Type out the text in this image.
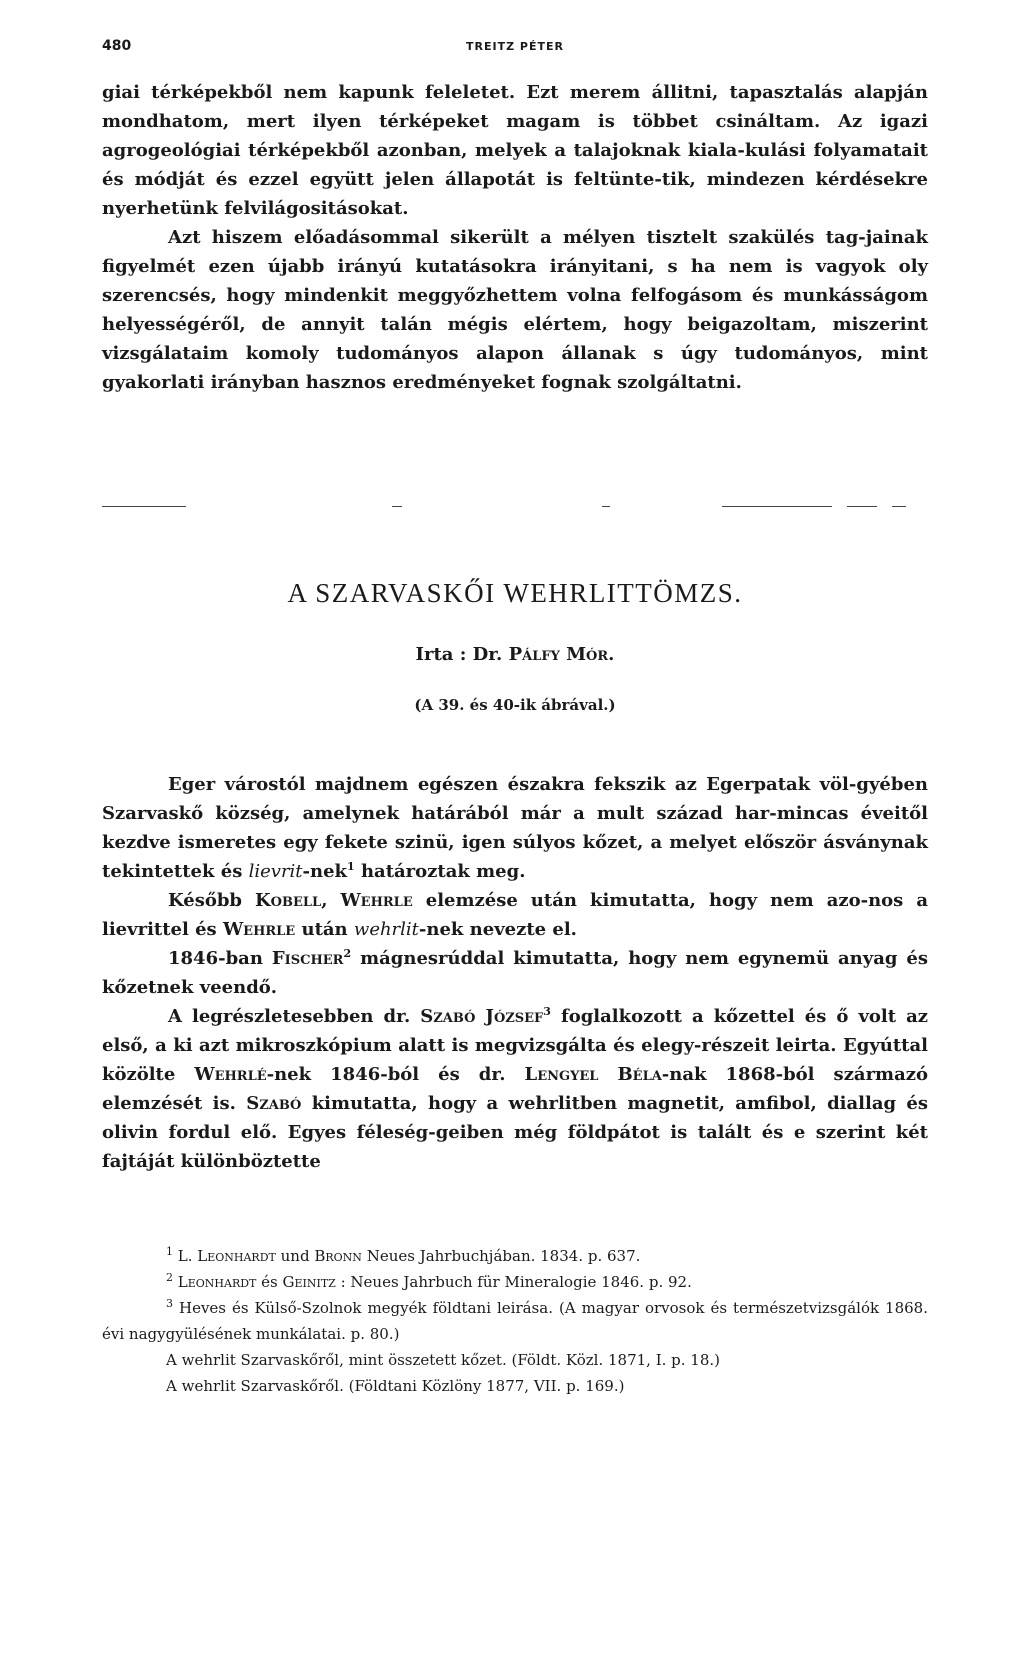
480	TREITZ PÉTER

giai térképekből nem kapunk feleletet. Ezt merem állitni, tapasztalás alapján mondhatom, mert ilyen térképeket magam is többet csináltam. Az igazi agrogeológiai térképekből azonban, melyek a talajoknak kiala-kulási folyamatait és módját és ezzel együtt jelen állapotát is feltünte-tik, mindezen kérdésekre nyerhetünk felvilágositásokat.

Azt hiszem előadásommal sikerült a mélyen tisztelt szakülés tag-jainak figyelmét ezen újabb irányú kutatásokra irányitani, s ha nem is vagyok oly szerencsés, hogy mindenkit meggyőzhettem volna felfogásom és munkásságom helyességéről, de annyit talán mégis elértem, hogy beigazoltam, miszerint vizsgálataim komoly tudományos alapon állanak s úgy tudományos, mint gyakorlati irányban hasznos eredményeket fognak szolgáltatni.

A SZARVASKŐI WEHRLITTÖMZS.
Irta : Dr. Pálfy Mór.
(A 39. és 40-ik ábrával.)

Eger várostól majdnem egészen északra fekszik az Egerpatak völ-gyében Szarvaskő község, amelynek határából már a mult század har-mincas éveitől kezdve ismeretes egy fekete szinü, igen súlyos kőzet, a melyet először ásványnak tekintettek és lievrit-nek$^1$ határoztak meg.

Később Kobell, Wehrle elemzése után kimutatta, hogy nem azo-nos a lievrittel és Wehrle után wehrlit-nek nevezte el.

1846-ban Fischer$^2$ mágnesrúddal kimutatta, hogy nem egynemü anyag és kőzetnek veendő.

A legrészletesebben dr. Szabó József$^3$ foglalkozott a kőzettel és ő volt az első, a ki azt mikroszkópium alatt is megvizsgálta és elegy-részeit leirta. Egyúttal közölte Wehrlé-nek 1846-ból és dr. Lengyel Béla-nak 1868-ból származó elemzését is. Szabó kimutatta, hogy a wehrlitben magnetit, amfibol, diallag és olivin fordul elő. Egyes féleség-geiben még földpátot is talált és e szerint két fajtáját különböztette

$^1$ L. Leonhardt und Bronn Neues Jahrbuchjában. 1834. p. 637.

$^2$ Leonhardt és Geinitz : Neues Jahrbuch für Mineralogie 1846. p. 92.

$^3$ Heves és Külső-Szolnok megyék földtani leirása. (A magyar orvosok és természetvizsgálók 1868. évi nagygyülésének munkálatai. p. 80.)

A wehrlit Szarvaskőről, mint összetett kőzet. (Földt. Közl. 1871, I. p. 18.)

A wehrlit Szarvaskőről. (Földtani Közlöny 1877, VII. p. 169.)
